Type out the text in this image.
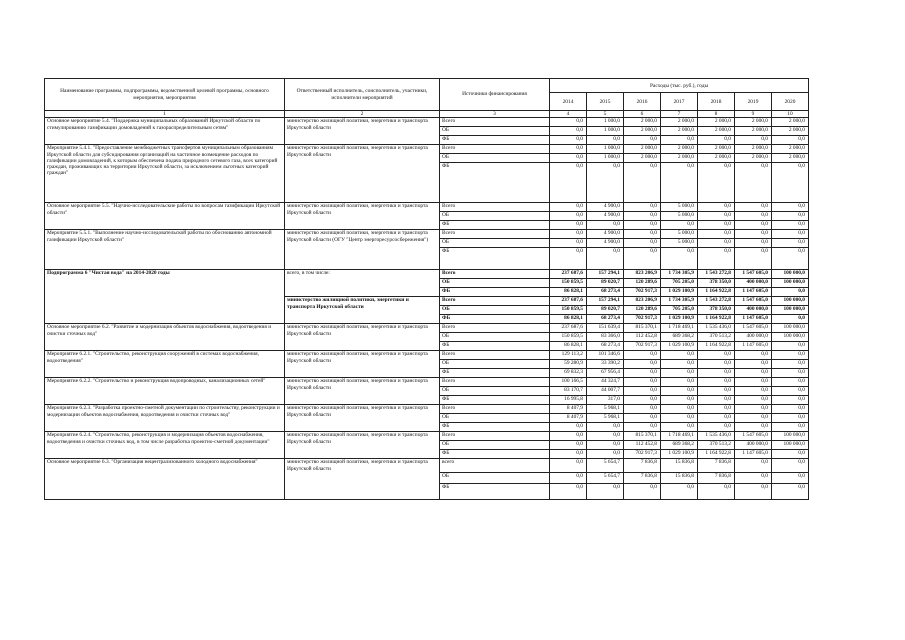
Наименование программы, подпрограммы, ведомственной целевой программы, основного мероприятия, мероприятия	Ответственный исполнитель, соисполнитель, участники, исполнители мероприятий	Источники финансирования	Расходы (тыс. руб.), годы						
			2014	2015	2016	2017	2018	2019	2020
1	2	3	4	5	6	7	8	9	10
Основное мероприятие 5.4. "Поддержка муниципальных образований Иркутской области по стимулированию газификации домовладений к газораспределительным сетям"	министерство жилищной политики, энергетики и транспорта Иркутской области	Всего	0,0	1 000,0	2 000,0	2 000,0	2 000,0	2 000,0	2 000,0
		ОБ	0,0	1 000,0	2 000,0	2 000,0	2 000,0	2 000,0	2 000,0
		ФБ	0,0	0,0	0,0	0,0	0,0	0,0	0,0
Мероприятие 5.4.1. "Предоставление межбюджетных трансфертов муниципальным образованиям Иркутской области для субсидирования организаций на частичное возмещение расходов по газификации домовладений, к которым обеспечена подача природного сетевого газа, всех категорий граждан, проживающих на территории Иркутской области, за исключением льготных категорий граждан"	министерство жилищной политики, энергетики и транспорта Иркутской области	Всего	0,0	1 000,0	2 000,0	2 000,0	2 000,0	2 000,0	2 000,0
		ОБ	0,0	1 000,0	2 000,0	2 000,0	2 000,0	2 000,0	2 000,0
		ФБ	0,0	0,0	0,0	0,0	0,0	0,0	0,0
Основное мероприятие 5.5. "Научно-исследовательские работы по вопросам газификации Иркутской области"	министерство жилищной политики, энергетики и транспорта Иркутской области	Всего	0,0	4 900,0	0,0	5 000,0	0,0	0,0	0,0
		ОБ	0,0	4 900,0	0,0	5 000,0	0,0	0,0	0,0
		ФБ	0,0	0,0	0,0	0,0	0,0	0,0	0,0
Мероприятие 5.5.1. "Выполнение научно-исследовательской работы по обоснованию автономной газификации Иркутской области"	министерство жилищной политики, энергетики и транспорта Иркутской области (ОГУ "Центр энергоресурсосбережения")	Всего	0,0	4 900,0	0,0	5 000,0	0,0	0,0	0,0
		ОБ	0,0	4 900,0	0,0	5 000,0	0,0	0,0	0,0
		ФБ	0,0	0,0	0,0	0,0	0,0	0,0	0,0
Подпрограмма 6 "Чистая вода" на 2014-2020 годы	всего, в том числе:	Всего	237 687,6	157 294,1	823 206,9	1 734 305,9	1 543 272,8	1 547 605,0	100 000,0
		ОБ	150 859,5	89 020,7	120 289,6	705 205,0	378 350,0	400 000,0	100 000,0
		ФБ	86 828,1	68 273,4	702 917,3	1 029 100,9	1 164 922,8	1 147 605,0	0,0
	министерство жилищной политики, энергетики и транспорта Иркутской области	Всего	237 687,6	157 294,1	823 206,9	1 734 305,9	1 543 272,8	1 547 605,0	100 000,0
		ОБ	150 859,5	89 020,7	120 289,6	705 205,0	378 350,0	400 000,0	100 000,0
		ФБ	86 828,1	68 273,4	702 917,3	1 029 100,9	1 164 922,8	1 147 605,0	0,0
Основное мероприятие 6.2. "Развитие и модернизация объектов водоснабжения, водоотведения и очистки сточных вод"	министерство жилищной политики, энергетики и транспорта Иркутской области	Всего	237 687,6	151 639,4	815 370,1	1 718 469,1	1 535 436,0	1 547 605,0	100 000,0
		ОБ	150 859,5	83 366,0	112 452,8	689 368,2	370 513,2	400 000,0	100 000,0
		ФБ	86 828,1	68 273,4	702 917,3	1 029 100,9	1 164 922,8	1 147 605,0	0,0
Мероприятие 6.2.1. "Строительство, реконструкция сооружений в системах водоснабжения, водоотведения"	министерство жилищной политики, энергетики и транспорта Иркутской области	Всего	129 113,2	101 346,6	0,0	0,0	0,0	0,0	0,0
		ОБ	59 280,9	33 390,2	0,0	0,0	0,0	0,0	0,0
		ФБ	69 832,3	67 956,4	0,0	0,0	0,0	0,0	0,0
Мероприятие 6.2.2. "Строительство и реконструкция водопроводных, канализационных сетей"	министерство жилищной политики, энергетики и транспорта Иркутской области	Всего	100 166,5	44 324,7	0,0	0,0	0,0	0,0	0,0
		ОБ	83 170,7	44 007,7	0,0	0,0	0,0	0,0	0,0
		ФБ	16 995,8	317,0	0,0	0,0	0,0	0,0	0,0
Мероприятие 6.2.3. "Разработка проектно-сметной документации по строительству, реконструкции и модернизации объектов водоснабжения, водоотведения и очистки сточных вод"	министерство жилищной политики, энергетики и транспорта Иркутской области	Всего	8 407,9	5 968,1	0,0	0,0	0,0	0,0	0,0
		ОБ	8 407,9	5 968,1	0,0	0,0	0,0	0,0	0,0
		ФБ	0,0	0,0	0,0	0,0	0,0	0,0	0,0
Мероприятие 6.2.4. "Строительство, реконструкция и модернизация объектов водоснабжения, водоотведения и очистки сточных вод, в том числе разработка проектно-сметной документации"	министерство жилищной политики, энергетики и транспорта Иркутской области	Всего	0,0	0,0	815 370,1	1 718 469,1	1 535 436,0	1 547 605,0	100 000,0
		ОБ	0,0	0,0	112 452,8	689 368,2	370 513,2	400 000,0	100 000,0
		ФБ	0,0	0,0	702 917,3	1 029 100,9	1 164 922,8	1 147 605,0	0,0
Основное мероприятие 6.3. "Организация нецентрализованного холодного водоснабжения"	министерство жилищной политики, энергетики и транспорта Иркутской области	всего	0,0	5 654,7	7 836,8	15 836,8	7 836,8	0,0	0,0
		ОБ	0,0	5 654,7	7 836,8	15 836,8	7 836,8	0,0	0,0
		ФБ	0,0	0,0	0,0	0,0	0,0	0,0	0,0
